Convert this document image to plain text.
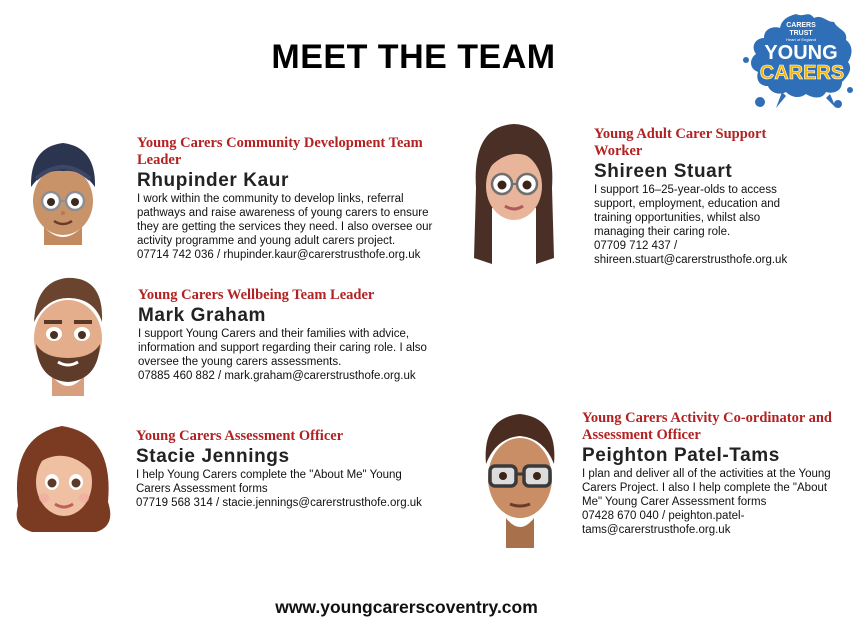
MEET THE TEAM
CARERS
TRUST
Heart of England
YOUNG
CARERS
Young Carers Community Development Team Leader
Rhupinder Kaur
I work within the community to develop links, referral pathways and raise awareness of young carers to ensure they are getting the services they need. I also oversee our activity programme and young adult carers project.
07714 742 036 / rhupinder.kaur@carerstrusthofe.org.uk
Young Adult Carer Support Worker
Shireen Stuart
I support 16–25-year-olds to access support, employment, education and training opportunities, whilst also managing their caring role.
07709 712 437 / shireen.stuart@carerstrusthofe.org.uk
Young Carers Wellbeing Team Leader
Mark Graham
I support Young Carers and their families with advice, information and support regarding their caring role. I also oversee the young carers assessments.
07885 460 882 / mark.graham@carerstrusthofe.org.uk
Young Carers Assessment Officer
Stacie Jennings
I help Young Carers complete the "About Me" Young Carers Assessment forms
07719 568 314 / stacie.jennings@carerstrusthofe.org.uk
Young Carers Activity Co-ordinator and Assessment Officer
Peighton Patel-Tams
I plan and deliver all of the activities at the Young Carers Project. I also I help complete the "About Me" Young Carer Assessment forms
07428 670 040 / peighton.patel-tams@carerstrusthofe.org.uk
www.youngcarerscoventry.com
